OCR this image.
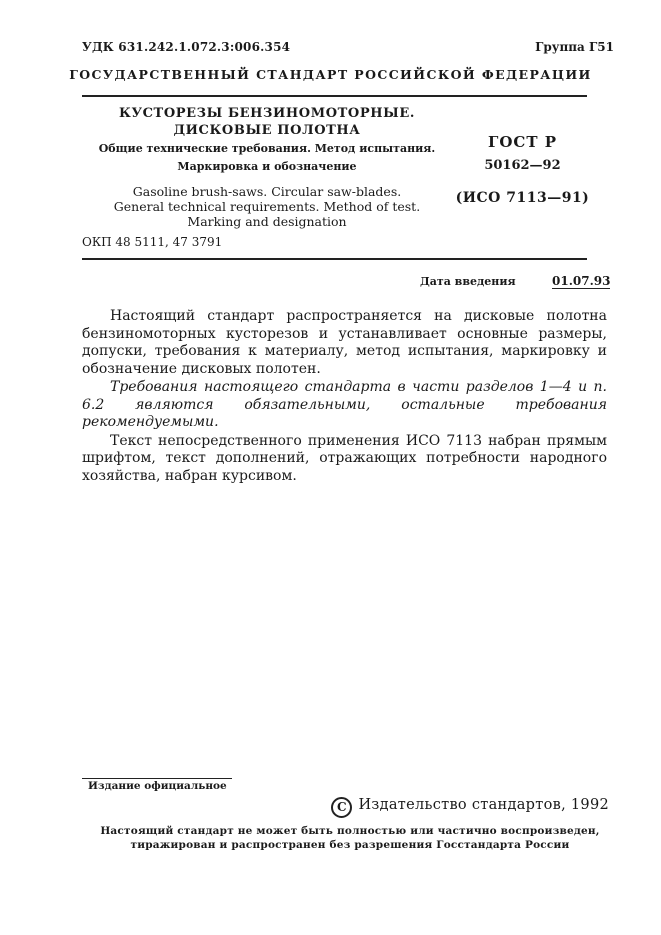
УДК 631.242.1.072.3:006.354	Группа Г51
ГОСУДАРСТВЕННЫЙ СТАНДАРТ РОССИЙСКОЙ ФЕДЕРАЦИИ
КУСТОРЕЗЫ БЕНЗИНОМОТОРНЫЕ.
ДИСКОВЫЕ ПОЛОТНА
Общие технические требования. Метод испытания.
Маркировка и обозначение
Gasoline brush-saws. Circular saw-blades.
General technical requirements. Method of test.
Marking and designation
ГОСТ Р
50162—92
(ИСО 7113—91)
ОКП 48 5111, 47 3791
Дата введения	01.07.93

Настоящий стандарт распространяется на дисковые полотна бензиномоторных кусторезов и устанавливает основные размеры, допуски, требования к материалу, метод испытания, маркировку и обозначение дисковых полотен.

Требования настоящего стандарта в части разделов 1—4 и п. 6.2 являются обязательными, остальные требования рекомендуемыми.

Текст непосредственного применения ИСО 7113 набран прямым шрифтом, текст дополнений, отражающих потребности народного хозяйства, набран курсивом.

Издание официальное
C Издательство стандартов, 1992
Настоящий стандарт не может быть полностью или частично воспроизведен,
тиражирован и распространен без разрешения Госстандарта России
